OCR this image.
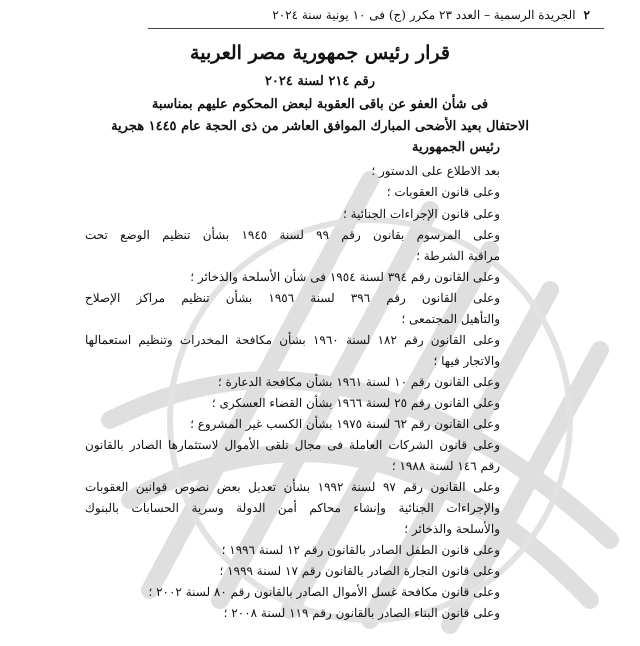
٢
الجريدة الرسمية – العدد ٢٣ مكرر (ج) فى ١٠ يونية سنة ٢٠٢٤
قرار رئيس جمهورية مصر العربية
رقم ٢١٤ لسنة ٢٠٢٤
فى شأن العفو عن باقى العقوبة لبعض المحكوم عليهم بمناسبة
الاحتفال بعيد الأضحى المبارك الموافق العاشر من ذى الحجة عام ١٤٤٥ هجرية
رئيس الجمهورية
بعد الاطلاع على الدستور ؛
وعلى قانون العقوبات ؛
وعلى قانون الإجراءات الجنائية ؛
وعلى المرسوم بقانون رقم ٩٩ لسنة ١٩٤٥ بشأن تنظيم الوضع تحت
مراقبة الشرطة ؛
وعلى القانون رقم ٣٩٤ لسنة ١٩٥٤ فى شأن الأسلحة والذخائر ؛
وعلى القانون رقم ٣٩٦ لسنة ١٩٥٦ بشأن تنظيم مراكز الإصلاح
والتأهيل المجتمعى ؛
وعلى القانون رقم ١٨٢ لسنة ١٩٦٠ بشأن مكافحة المخدرات وتنظيم استعمالها
والاتجار فيها ؛
وعلى القانون رقم ١٠ لسنة ١٩٦١ بشأن مكافحة الدعارة ؛
وعلى القانون رقم ٢٥ لسنة ١٩٦٦ بشأن القضاء العسكرى ؛
وعلى القانون رقم ٦٢ لسنة ١٩٧٥ بشأن الكسب غير المشروع ؛
وعلى قانون الشركات العاملة فى مجال تلقى الأموال لاستثمارها الصادر بالقانون
رقم ١٤٦ لسنة ١٩٨٨ ؛
وعلى القانون رقم ٩٧ لسنة ١٩٩٢ بشأن تعديل بعض نصوص قوانين العقوبات
والإجراءات الجنائية وإنشاء محاكم أمن الدولة وسرية الحسابات بالبنوك
والأسلحة والذخائر ؛
وعلى قانون الطفل الصادر بالقانون رقم ١٢ لسنة ١٩٩٦ ؛
وعلى قانون التجارة الصادر بالقانون رقم ١٧ لسنة ١٩٩٩ ؛
وعلى قانون مكافحة غسل الأموال الصادر بالقانون رقم ٨٠ لسنة ٢٠٠٢ ؛
وعلى قانون البناء الصادر بالقانون رقم ١١٩ لسنة ٢٠٠٨ ؛
